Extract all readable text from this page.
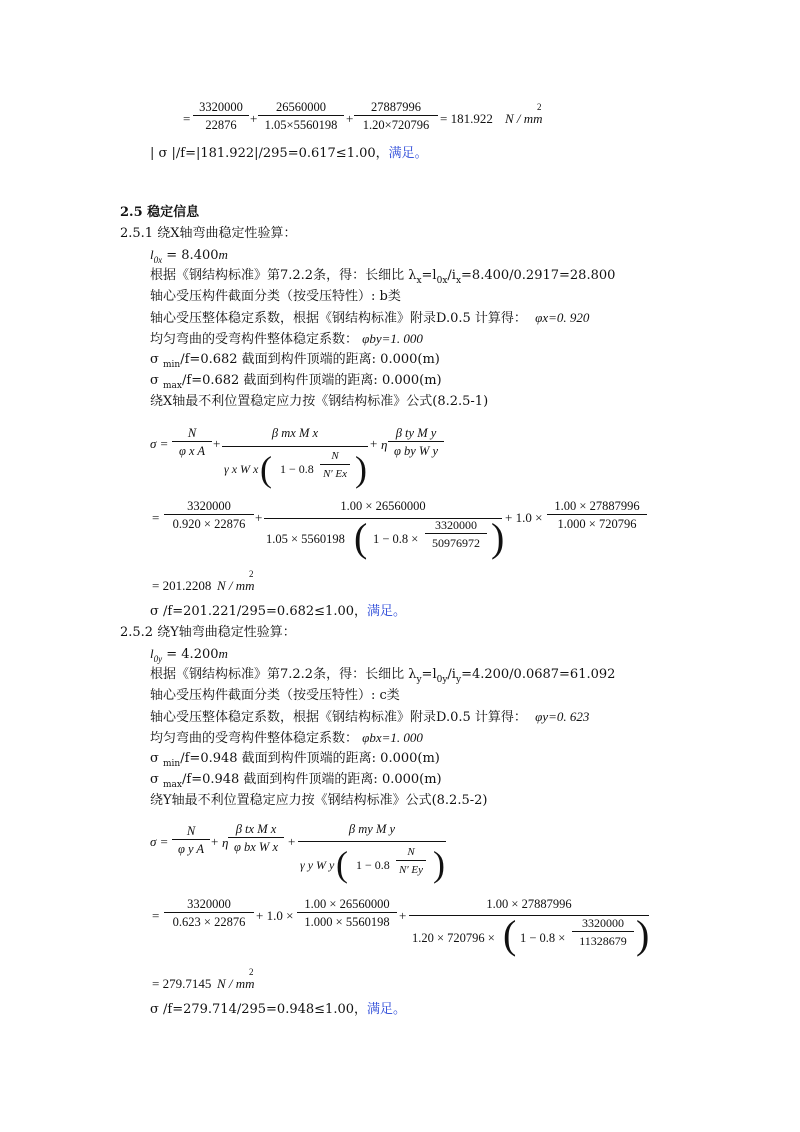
= $\frac{3320000}{22876} + \frac{26560000}{1.05\times 5560198} + \frac{27887996}{1.20\times 720796} = 181.922$ N / mm
2
| σ |/f=|181.922|/295=0.617≤1.00，满足。
2.5 稳定信息
2.5.1 绕X轴弯曲稳定性验算：
$l_{0x} = 8.400m$
根据《钢结构标准》第7.2.2条，得：长细比 $\lambda_x=l_{0x}/i_x=8.400/0.2917=28.800$
轴心受压构件截面分类（按受压特性）: b类
轴心受压整体稳定系数，根据《钢结构标准》附录D.0.5 计算得： φx=0. 920
均匀弯曲的受弯构件整体稳定系数： φby=1. 000
σ $_{min}$/f=0.682 截面到构件顶端的距离: 0.000(m)
σ $_{max}$/f=0.682 截面到构件顶端的距离: 0.000(m)
绕X轴最不利位置稳定应力按《钢结构标准》公式(8.2.5-1)
$\sigma = \frac{N}{\text{φ x A}}$ +
β mx M x
γ x W x ( $1 - 0.8 \frac{N}{N' Ex}$ )
+ η $\frac{\text{β ty M y}}{\text{φ by W y}}$
= $\frac{3320000}{0.920 \times 22876}$ +
1.00 × 26560000
1.05 × 5560198 ( $1 - 0.8 \times \frac{3320000}{50976972}$ ) + $1.0 \times \frac{1.00 \times 27887996}{1.000 \times 720796}$
= 201.2208 N / mm
2
σ /f=201.221/295=0.682≤1.00，满足。
2.5.2 绕Y轴弯曲稳定性验算：
$l_{0y} = 4.200m$
根据《钢结构标准》第7.2.2条，得：长细比 $\lambda_y=l_{0y}/i_y=4.200/0.0687=61.092$
轴心受压构件截面分类（按受压特性）: c类
轴心受压整体稳定系数，根据《钢结构标准》附录D.0.5 计算得： φy=0. 623
均匀弯曲的受弯构件整体稳定系数： φbx=1. 000
σ $_{min}$/f=0.948 截面到构件顶端的距离: 0.000(m)
σ $_{max}$/f=0.948 截面到构件顶端的距离: 0.000(m)
绕Y轴最不利位置稳定应力按《钢结构标准》公式(8.2.5-2)
$\sigma = \frac{N}{\text{φ y A}} + \eta \frac{\text{β tx M x}}{\text{φ bx W x}}$ +
β my M y
γ y W y ( $1 - 0.8 \frac{N}{N' Ey}$ )
= $\frac{3320000}{0.623 \times 22876} + 1.0 \times \frac{1.00 \times 26560000}{1.000 \times 5560198}$ +
1.00 × 27887996
1.20 × 720796 × ( $1 - 0.8 \times \frac{3320000}{11328679}$ )
= 279.7145 N / mm
2
σ /f=279.714/295=0.948≤1.00，满足。
